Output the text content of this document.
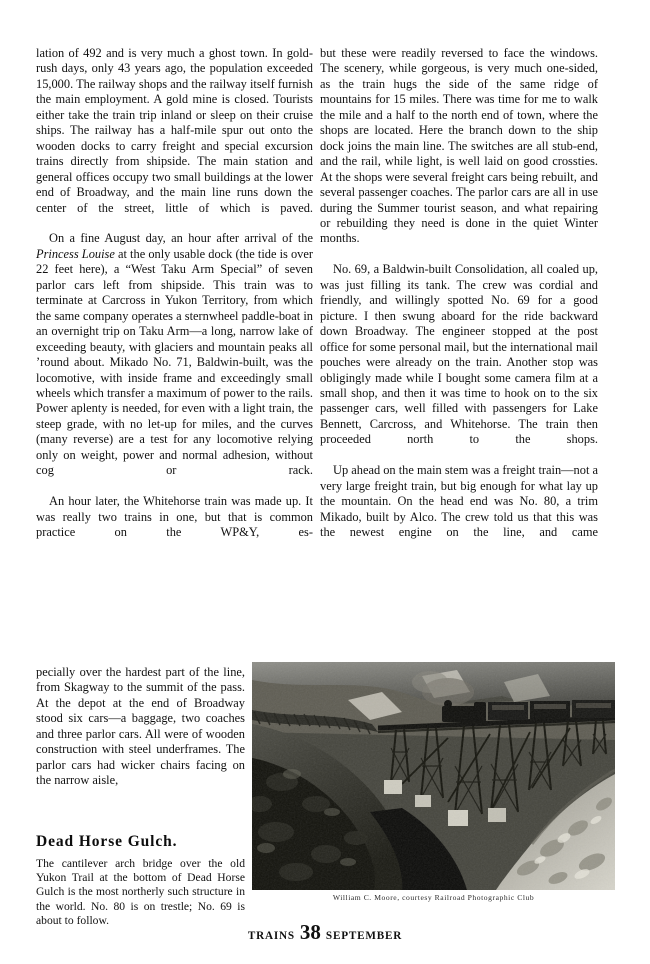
lation of 492 and is very much a ghost town. In gold-rush days, only 43 years ago, the population exceeded 15,000. The railway shops and the railway itself furnish the main employment. A gold mine is closed. Tourists either take the train trip inland or sleep on their cruise ships. The railway has a half-mile spur out onto the wooden docks to carry freight and special excursion trains directly from shipside. The main station and general offices occupy two small buildings at the lower end of Broadway, and the main line runs down the center of the street, little of which is paved.

On a fine August day, an hour after arrival of the Princess Louise at the only usable dock (the tide is over 22 feet here), a “West Taku Arm Special” of seven parlor cars left from shipside. This train was to terminate at Carcross in Yukon Territory, from which the same company operates a sternwheel paddle-boat in an overnight trip on Taku Arm—a long, narrow lake of exceeding beauty, with glaciers and mountain peaks all ’round about. Mikado No. 71, Baldwin-built, was the locomotive, with inside frame and exceedingly small wheels which transfer a maximum of power to the rails. Power aplenty is needed, for even with a light train, the steep grade, with no let-up for miles, and the curves (many reverse) are a test for any locomotive relying only on weight, power and normal adhesion, without cog or rack.

An hour later, the Whitehorse train was made up. It was really two trains in one, but that is common practice on the WP&Y, es-

pecially over the hardest part of the line, from Skagway to the summit of the pass. At the depot at the end of Broadway stood six cars—a baggage, two coaches and three parlor cars. All were of wooden construction with steel underframes. The parlor cars had wicker chairs facing on the narrow aisle,

Dead Horse Gulch.

The cantilever arch bridge over the old Yukon Trail at the bottom of Dead Horse Gulch is the most northerly such structure in the world. No. 80 is on trestle; No. 69 is about to follow.

but these were readily reversed to face the windows. The scenery, while gorgeous, is very much one-sided, as the train hugs the side of the same ridge of mountains for 15 miles. There was time for me to walk the mile and a half to the north end of town, where the shops are located. Here the branch down to the ship dock joins the main line. The switches are all stub-end, and the rail, while light, is well laid on good crossties. At the shops were several freight cars being rebuilt, and several passenger coaches. The parlor cars are all in use during the Summer tourist season, and what repairing or rebuilding they need is done in the quiet Winter months.

No. 69, a Baldwin-built Consolidation, all coaled up, was just filling its tank. The crew was cordial and friendly, and willingly spotted No. 69 for a good picture. I then swung aboard for the ride backward down Broadway. The engineer stopped at the post office for some personal mail, but the international mail pouches were already on the train. Another stop was obligingly made while I bought some camera film at a small shop, and then it was time to hook on to the six passenger cars, well filled with passengers for Lake Bennett, Carcross, and Whitehorse. The train then proceeded north to the shops.

Up ahead on the main stem was a freight train—not a very large freight train, but big enough for what lay up the mountain. On the head end was No. 80, a trim Mikado, built by Alco. The crew told us that this was the newest engine on the line, and came

William C. Moore, courtesy Railroad Photographic Club
TRAINS 38 SEPTEMBER
